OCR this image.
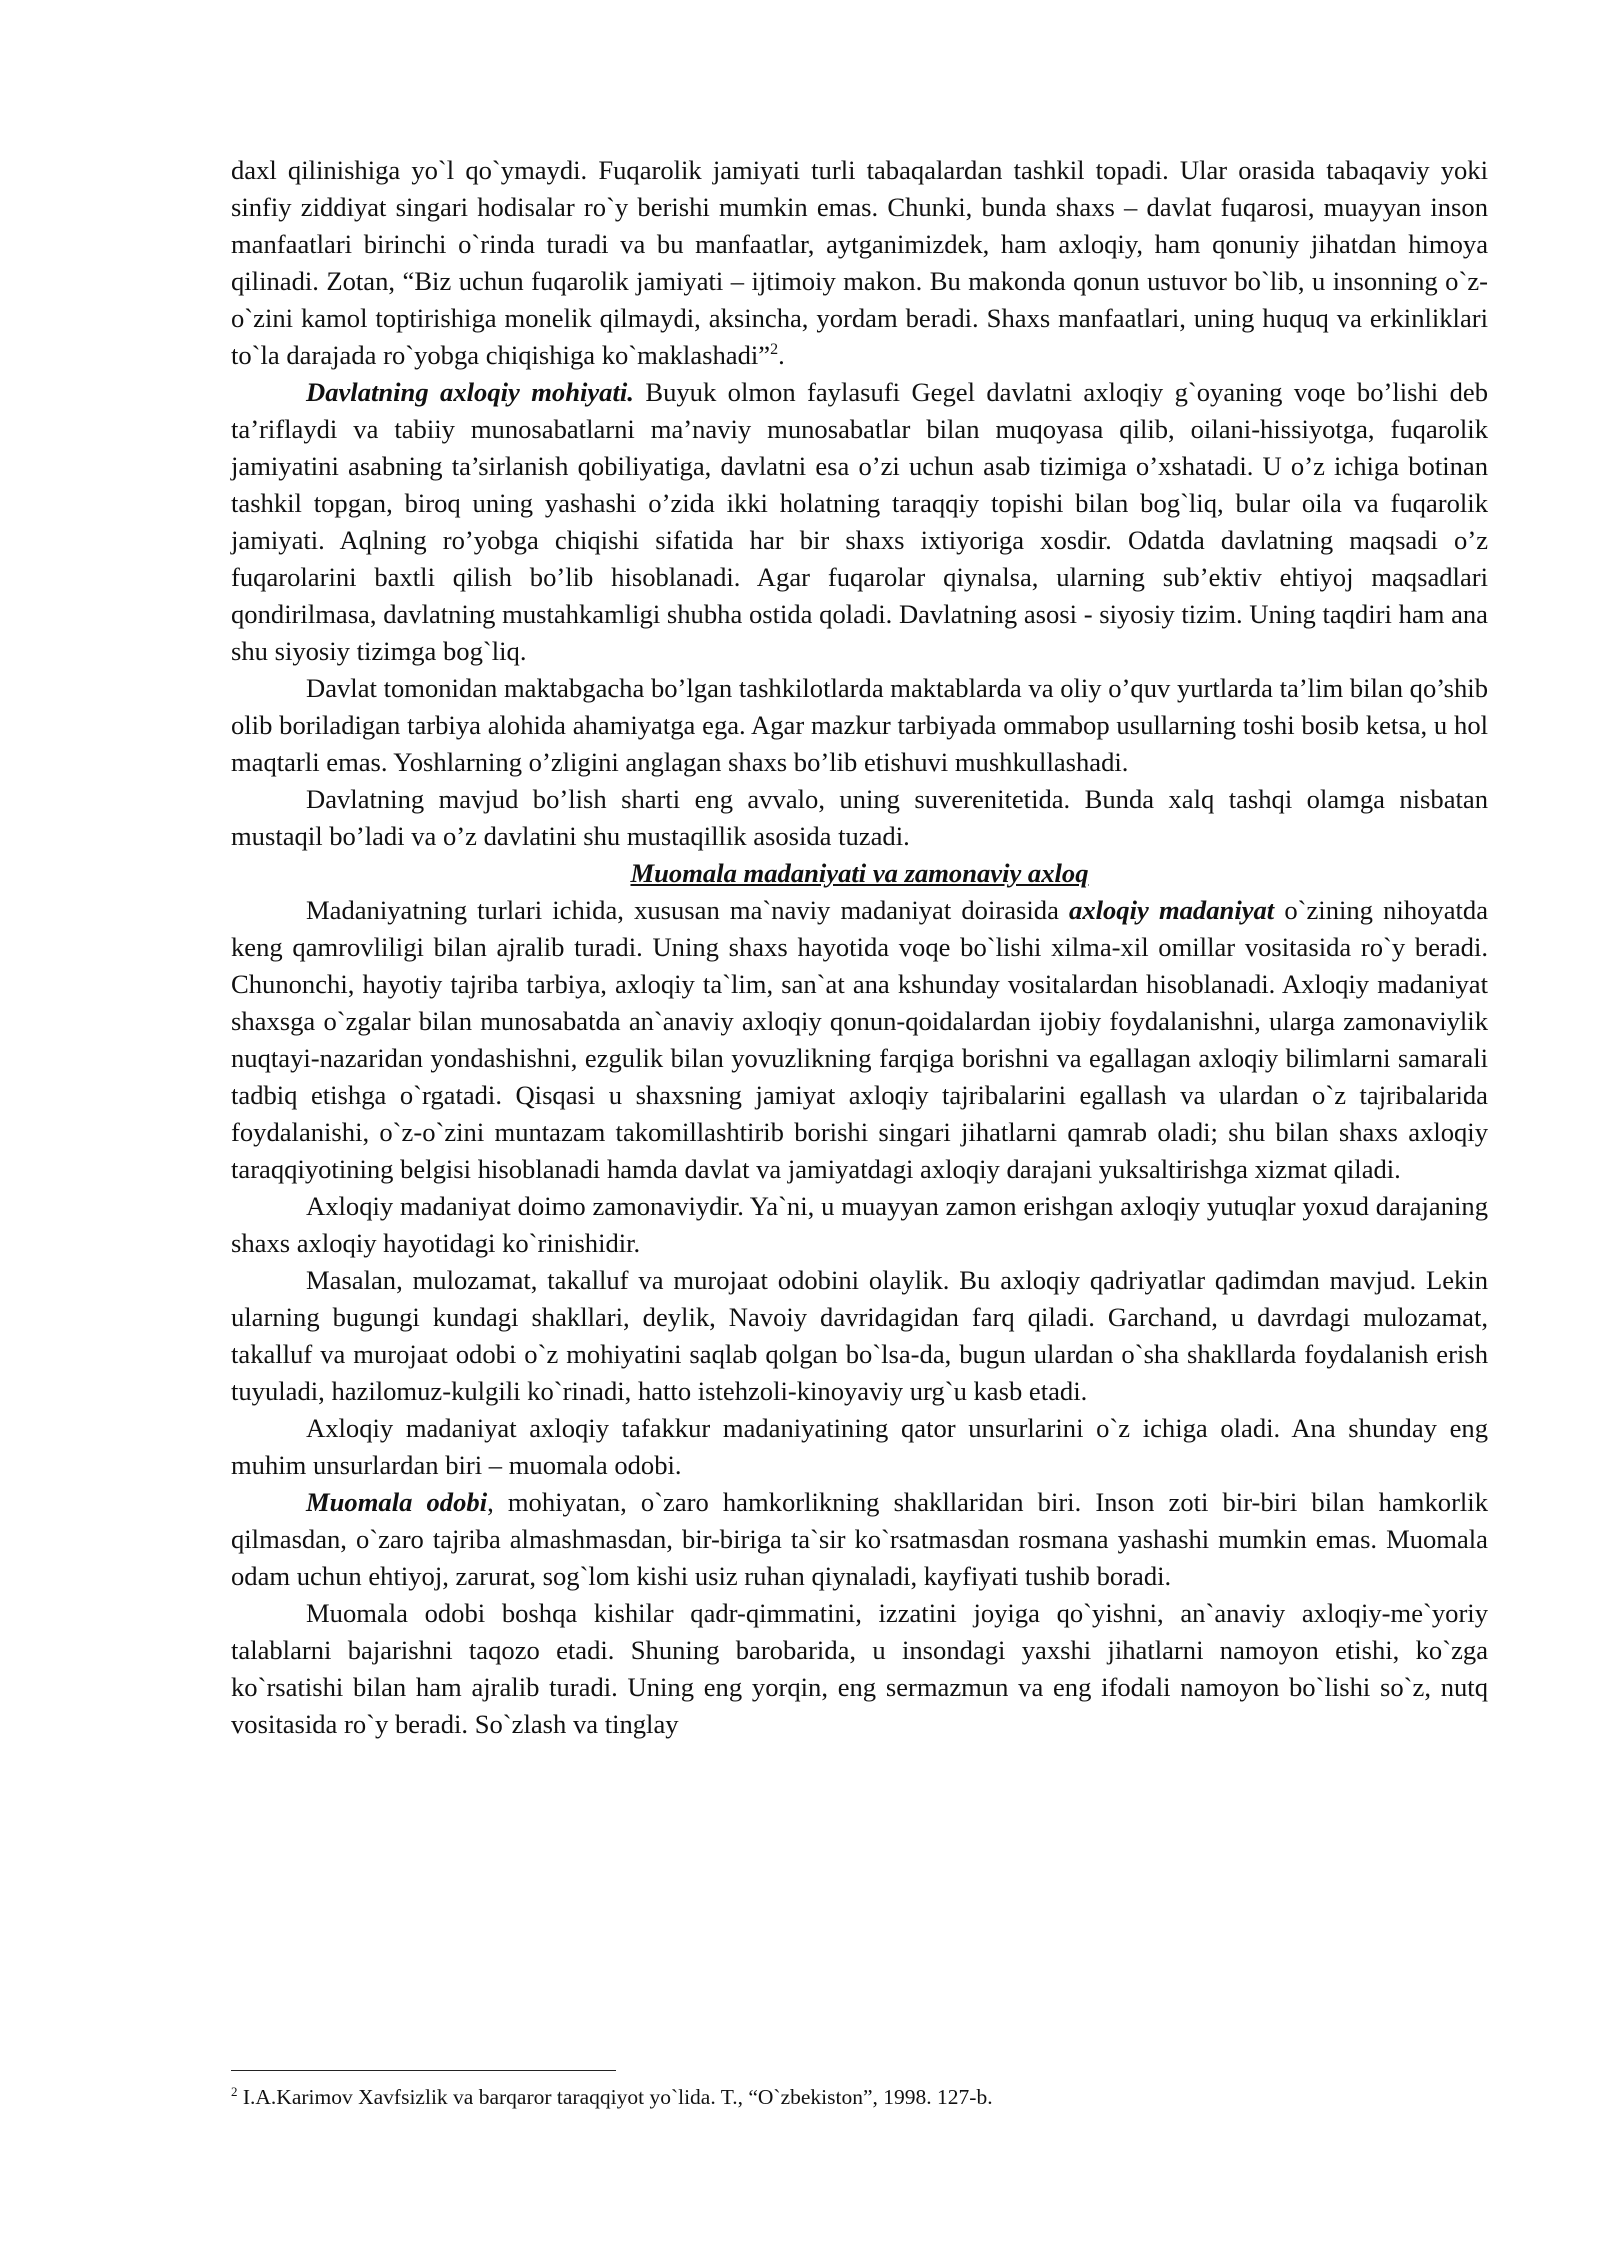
daxl qilinishiga yo`l qo`ymaydi. Fuqarolik jamiyati turli tabaqalardan tashkil topadi. Ular orasida tabaqaviy yoki sinfiy ziddiyat singari hodisalar ro`y berishi mumkin emas. Chunki, bunda shaxs – davlat fuqarosi, muayyan inson manfaatlari birinchi o`rinda turadi va bu manfaatlar, aytganimizdek, ham axloqiy, ham qonuniy jihatdan himoya qilinadi. Zotan, “Biz uchun fuqarolik jamiyati – ijtimoiy makon. Bu makonda qonun ustuvor bo`lib, u insonning o`z-o`zini kamol toptirishiga monelik qilmaydi, aksincha, yordam beradi. Shaxs manfaatlari, uning huquq va erkinliklari to`la darajada ro`yobga chiqishiga ko`maklashadi”$^2$.

Davlatning axloqiy mohiyati. Buyuk olmon faylasufi Gegel davlatni axloqiy g`oyaning voqe bo’lishi deb ta’riflaydi va tabiiy munosabatlarni ma’naviy munosabatlar bilan muqoyasa qilib, oilani-hissiyotga, fuqarolik jamiyatini asabning ta’sirlanish qobiliyatiga, davlatni esa o’zi uchun asab tizimiga o’xshatadi. U o’z ichiga botinan tashkil topgan, biroq uning yashashi o’zida ikki holatning taraqqiy topishi bilan bog`liq, bular oila va fuqarolik jamiyati. Aqlning ro’yobga chiqishi sifatida har bir shaxs ixtiyoriga xosdir. Odatda davlatning maqsadi o’z fuqarolarini baxtli qilish bo’lib hisoblanadi. Agar fuqarolar qiynalsa, ularning sub’ektiv ehtiyoj maqsadlari qondirilmasa, davlatning mustahkamligi shubha ostida qoladi. Davlatning asosi - siyosiy tizim. Uning taqdiri ham ana shu siyosiy tizimga bog`liq.

Davlat tomonidan maktabgacha bo’lgan tashkilotlarda maktablarda va oliy o’quv yurtlarda ta’lim bilan qo’shib olib boriladigan tarbiya alohida ahamiyatga ega. Agar mazkur tarbiyada ommabop usullarning toshi bosib ketsa, u hol maqtarli emas. Yoshlarning o’zligini anglagan shaxs bo’lib etishuvi mushkullashadi.

Davlatning mavjud bo’lish sharti eng avvalo, uning suverenitetida. Bunda xalq tashqi olamga nisbatan mustaqil bo’ladi va o’z davlatini shu mustaqillik asosida tuzadi.

Muomala madaniyati va zamonaviy axloq

Madaniyatning turlari ichida, xususan ma`naviy madaniyat doirasida axloqiy madaniyat o`zining nihoyatda keng qamrovliligi bilan ajralib turadi. Uning shaxs hayotida voqe bo`lishi xilma-xil omillar vositasida ro`y beradi. Chunonchi, hayotiy tajriba tarbiya, axloqiy ta`lim, san`at ana kshunday vositalardan hisoblanadi. Axloqiy madaniyat shaxsga o`zgalar bilan munosabatda an`anaviy axloqiy qonun-qoidalardan ijobiy foydalanishni, ularga zamonaviylik nuqtayi-nazaridan yondashishni, ezgulik bilan yovuzlikning farqiga borishni va egallagan axloqiy bilimlarni samarali tadbiq etishga o`rgatadi. Qisqasi u shaxsning jamiyat axloqiy tajribalarini egallash va ulardan o`z tajribalarida foydalanishi, o`z-o`zini muntazam takomillashtirib borishi singari jihatlarni qamrab oladi; shu bilan shaxs axloqiy taraqqiyotining belgisi hisoblanadi hamda davlat va jamiyatdagi axloqiy darajani yuksaltirishga xizmat qiladi.

Axloqiy madaniyat doimo zamonaviydir. Ya`ni, u muayyan zamon erishgan axloqiy yutuqlar yoxud darajaning shaxs axloqiy hayotidagi ko`rinishidir.

Masalan, mulozamat, takalluf va murojaat odobini olaylik. Bu axloqiy qadriyatlar qadimdan mavjud. Lekin ularning bugungi kundagi shakllari, deylik, Navoiy davridagidan farq qiladi. Garchand, u davrdagi mulozamat, takalluf va murojaat odobi o`z mohiyatini saqlab qolgan bo`lsa-da, bugun ulardan o`sha shakllarda foydalanish erish tuyuladi, hazilomuz-kulgili ko`rinadi, hatto istehzoli-kinoyaviy urg`u kasb etadi.

Axloqiy madaniyat axloqiy tafakkur madaniyatining qator unsurlarini o`z ichiga oladi. Ana shunday eng muhim unsurlardan biri – muomala odobi.

Muomala odobi, mohiyatan, o`zaro hamkorlikning shakllaridan biri. Inson zoti bir-biri bilan hamkorlik qilmasdan, o`zaro tajriba almashmasdan, bir-biriga ta`sir ko`rsatmasdan rosmana yashashi mumkin emas. Muomala odam uchun ehtiyoj, zarurat, sog`lom kishi usiz ruhan qiynaladi, kayfiyati tushib boradi.

Muomala odobi boshqa kishilar qadr-qimmatini, izzatini joyiga qo`yishni, an`anaviy axloqiy-me`yoriy talablarni bajarishni taqozo etadi. Shuning barobarida, u insondagi yaxshi jihatlarni namoyon etishi, ko`zga ko`rsatishi bilan ham ajralib turadi. Uning eng yorqin, eng sermazmun va eng ifodali namoyon bo`lishi so`z, nutq vositasida ro`y beradi. So`zlash va tinglay

$^2$ I.A.Karimov Xavfsizlik va barqaror taraqqiyot yo`lida. T., “O`zbekiston”, 1998. 127-b.
